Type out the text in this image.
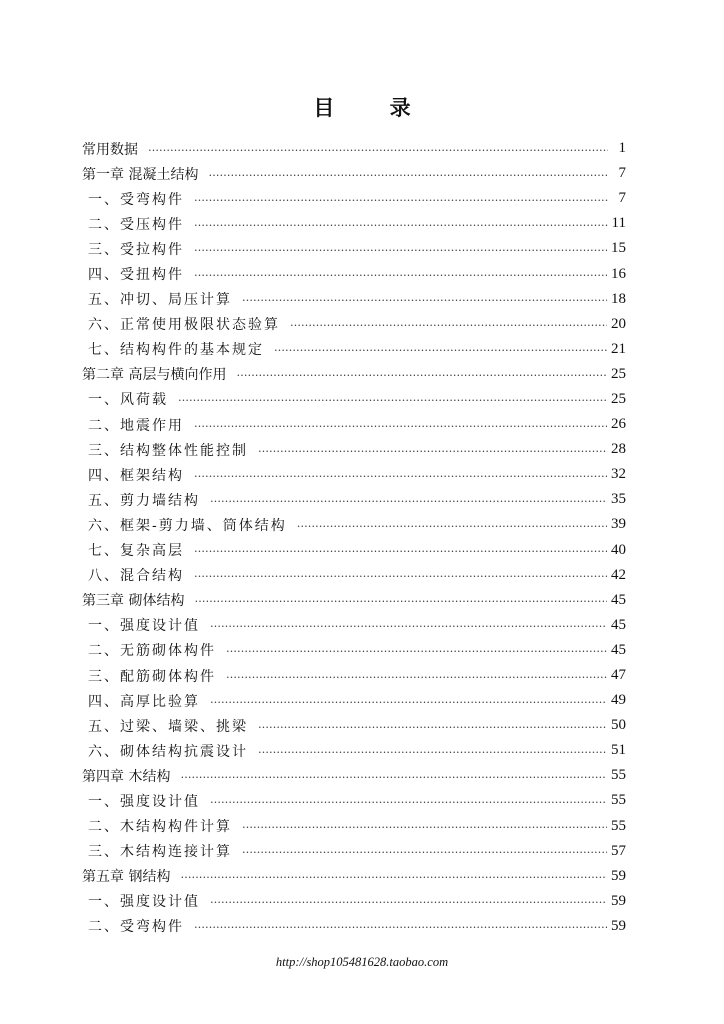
目 录
常用数据 ……………………………………………………………………………………………………………………………………………………………………………………………………………………	1
第一章 混凝土结构 ……………………………………………………………………………………………………………………………………………………………………………………………………………………	7
一、受弯构件 ……………………………………………………………………………………………………………………………………………………………………………………………………………………	7
二、受压构件 ……………………………………………………………………………………………………………………………………………………………………………………………………………………	11
三、受拉构件 ……………………………………………………………………………………………………………………………………………………………………………………………………………………	15
四、受扭构件 ……………………………………………………………………………………………………………………………………………………………………………………………………………………	16
五、冲切、局压计算 ……………………………………………………………………………………………………………………………………………………………………………………………………………………	18
六、正常使用极限状态验算 ……………………………………………………………………………………………………………………………………………………………………………………………………………………	20
七、结构构件的基本规定 ……………………………………………………………………………………………………………………………………………………………………………………………………………………	21
第二章 高层与横向作用 ……………………………………………………………………………………………………………………………………………………………………………………………………………………	25
一、风荷载 ……………………………………………………………………………………………………………………………………………………………………………………………………………………	25
二、地震作用 ……………………………………………………………………………………………………………………………………………………………………………………………………………………	26
三、结构整体性能控制 ……………………………………………………………………………………………………………………………………………………………………………………………………………………	28
四、框架结构 ……………………………………………………………………………………………………………………………………………………………………………………………………………………	32
五、剪力墙结构 ……………………………………………………………………………………………………………………………………………………………………………………………………………………	35
六、框架-剪力墙、筒体结构 ……………………………………………………………………………………………………………………………………………………………………………………………………………………	39
七、复杂高层 ……………………………………………………………………………………………………………………………………………………………………………………………………………………	40
八、混合结构 ……………………………………………………………………………………………………………………………………………………………………………………………………………………	42
第三章 砌体结构 ……………………………………………………………………………………………………………………………………………………………………………………………………………………	45
一、强度设计值 ……………………………………………………………………………………………………………………………………………………………………………………………………………………	45
二、无筋砌体构件 ……………………………………………………………………………………………………………………………………………………………………………………………………………………	45
三、配筋砌体构件 ……………………………………………………………………………………………………………………………………………………………………………………………………………………	47
四、高厚比验算 ……………………………………………………………………………………………………………………………………………………………………………………………………………………	49
五、过梁、墙梁、挑梁 ……………………………………………………………………………………………………………………………………………………………………………………………………………………	50
六、砌体结构抗震设计 ……………………………………………………………………………………………………………………………………………………………………………………………………………………	51
第四章 木结构 ……………………………………………………………………………………………………………………………………………………………………………………………………………………	55
一、强度设计值 ……………………………………………………………………………………………………………………………………………………………………………………………………………………	55
二、木结构构件计算 ……………………………………………………………………………………………………………………………………………………………………………………………………………………	55
三、木结构连接计算 ……………………………………………………………………………………………………………………………………………………………………………………………………………………	57
第五章 钢结构 ……………………………………………………………………………………………………………………………………………………………………………………………………………………	59
一、强度设计值 ……………………………………………………………………………………………………………………………………………………………………………………………………………………	59
二、受弯构件 ……………………………………………………………………………………………………………………………………………………………………………………………………………………	59
http://shop105481628.taobao.com
